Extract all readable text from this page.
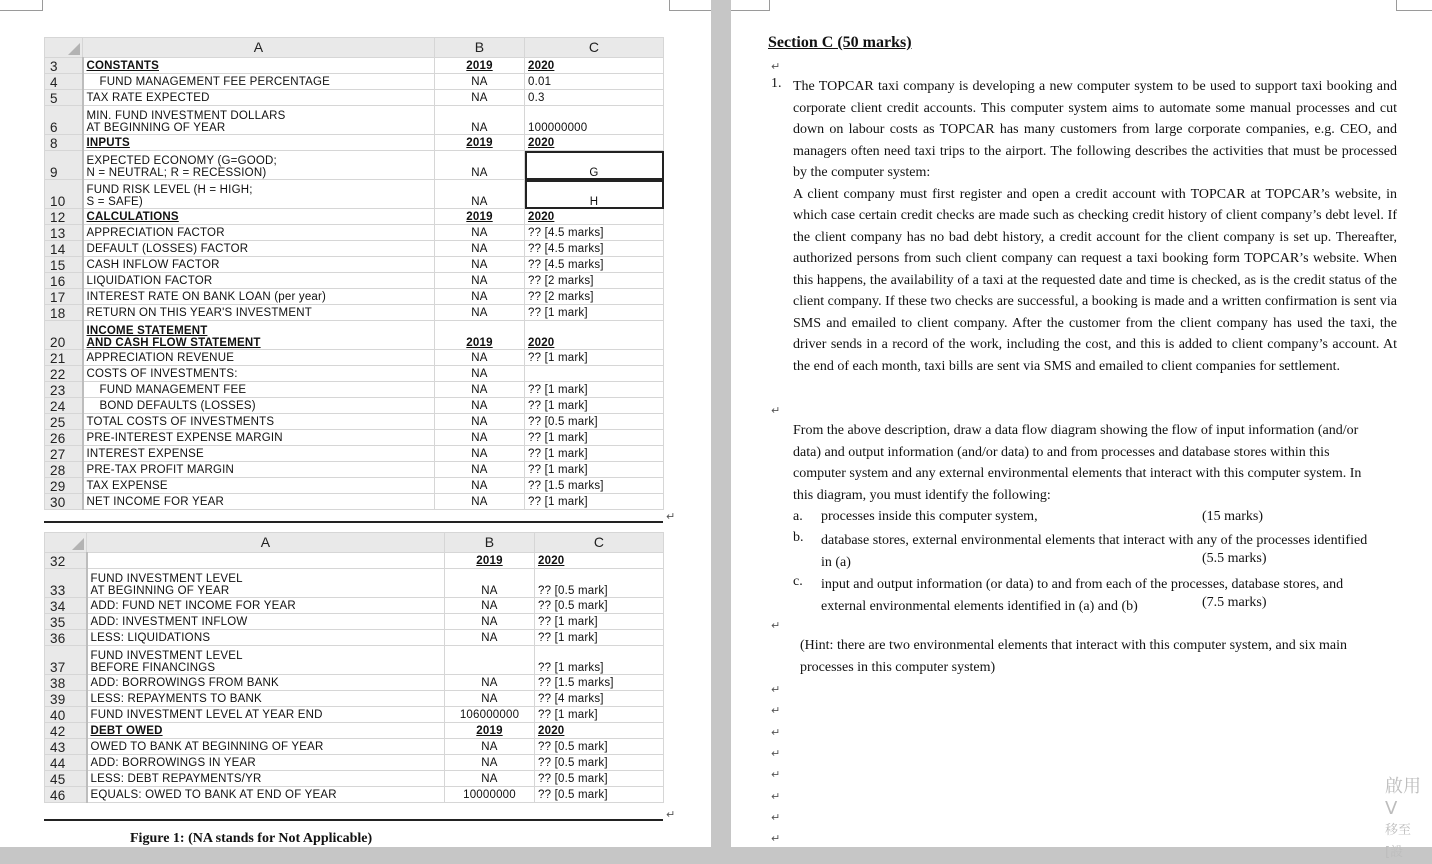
	A	B	C
3	CONSTANTS	2019	2020
4	FUND MANAGEMENT FEE PERCENTAGE	NA	0.01
5	TAX RATE EXPECTED	NA	0.3
6	MIN. FUND INVESTMENT DOLLARS
AT BEGINNING OF YEAR	NA	100000000
8	INPUTS	2019	2020
9	EXPECTED ECONOMY (G=GOOD;
N = NEUTRAL; R = RECESSION)	NA	G
10	FUND RISK LEVEL (H = HIGH;
S = SAFE)	NA	H
12	CALCULATIONS	2019	2020
13	APPRECIATION FACTOR	NA	?? [4.5 marks]
14	DEFAULT (LOSSES) FACTOR	NA	?? [4.5 marks]
15	CASH INFLOW FACTOR	NA	?? [4.5 marks]
16	LIQUIDATION FACTOR	NA	?? [2 marks]
17	INTEREST RATE ON BANK LOAN (per year)	NA	?? [2 marks]
18	RETURN ON THIS YEAR'S INVESTMENT	NA	?? [1 mark]
20	INCOME STATEMENT
AND CASH FLOW STATEMENT	2019	2020
21	APPRECIATION REVENUE	NA	?? [1 mark]
22	COSTS OF INVESTMENTS:	NA	
23	FUND MANAGEMENT FEE	NA	?? [1 mark]
24	BOND DEFAULTS (LOSSES)	NA	?? [1 mark]
25	TOTAL COSTS OF INVESTMENTS	NA	?? [0.5 mark]
26	PRE-INTEREST EXPENSE MARGIN	NA	?? [1 mark]
27	INTEREST EXPENSE	NA	?? [1 mark]
28	PRE-TAX PROFIT MARGIN	NA	?? [1 mark]
29	TAX EXPENSE	NA	?? [1.5 marks]
30	NET INCOME FOR YEAR	NA	?? [1 mark]
↵
	A	B	C
32		2019	2020
33	FUND INVESTMENT LEVEL
AT BEGINNING OF YEAR	NA	?? [0.5 mark]
34	ADD: FUND NET INCOME FOR YEAR	NA	?? [0.5 mark]
35	ADD: INVESTMENT INFLOW	NA	?? [1 mark]
36	LESS: LIQUIDATIONS	NA	?? [1 mark]
37	FUND INVESTMENT LEVEL
BEFORE FINANCINGS		?? [1 marks]
38	ADD: BORROWINGS FROM BANK	NA	?? [1.5 marks]
39	LESS: REPAYMENTS TO BANK	NA	?? [4 marks]
40	FUND INVESTMENT LEVEL AT YEAR END	106000000	?? [1 mark]
42	DEBT OWED	2019	2020
43	OWED TO BANK AT BEGINNING OF YEAR	NA	?? [0.5 mark]
44	ADD: BORROWINGS IN YEAR	NA	?? [0.5 mark]
45	LESS: DEBT REPAYMENTS/YR	NA	?? [0.5 mark]
46	EQUALS: OWED TO BANK AT END OF YEAR	10000000	?? [0.5 mark]
↵
Figure 1: (NA stands for Not Applicable)
Section C (50 marks)
1. The TOPCAR taxi company is developing a new computer system to be used to support taxi booking and corporate client credit accounts. This computer system aims to automate some manual processes and cut down on labour costs as TOPCAR has many customers from large corporate companies, e.g. CEO, and managers often need taxi trips to the airport. The following describes the activities that must be processed by the computer system:

A client company must first register and open a credit account with TOPCAR at TOPCAR’s website, in which case certain credit checks are made such as checking credit history of client company’s debt level. If the client company has no bad debt history, a credit account for the client company is set up. Thereafter, authorized persons from such client company can request a taxi booking form TOPCAR’s website. When this happens, the availability of a taxi at the requested date and time is checked, as is the credit status of the client company. If these two checks are successful, a booking is made and a written confirmation is sent via SMS and emailed to client company. After the customer from the client company has used the taxi, the driver sends in a record of the work, including the cost, and this is added to client company’s account. At the end of each month, taxi bills are sent via SMS and emailed to client companies for settlement.

From the above description, draw a data flow diagram showing the flow of input information (and/or data) and output information (and/or data) to and from processes and database stores within this computer system and any external environmental elements that interact with this computer system. In this diagram, you must identify the following:
a. processes inside this computer system,	(15 marks)
b. database stores, external environmental elements that interact with any of the processes identified in (a)	(5.5 marks)
c. input and output information (or data) to and from each of the processes, database stores, and external environmental elements identified in (a) and (b)	(7.5 marks)
(Hint: there are two environmental elements that interact with this computer system, and six main processes in this computer system)
↵
↵
↵
↵
↵
↵
↵
↵
↵
↵
↵
啟用 V
移至 [設
